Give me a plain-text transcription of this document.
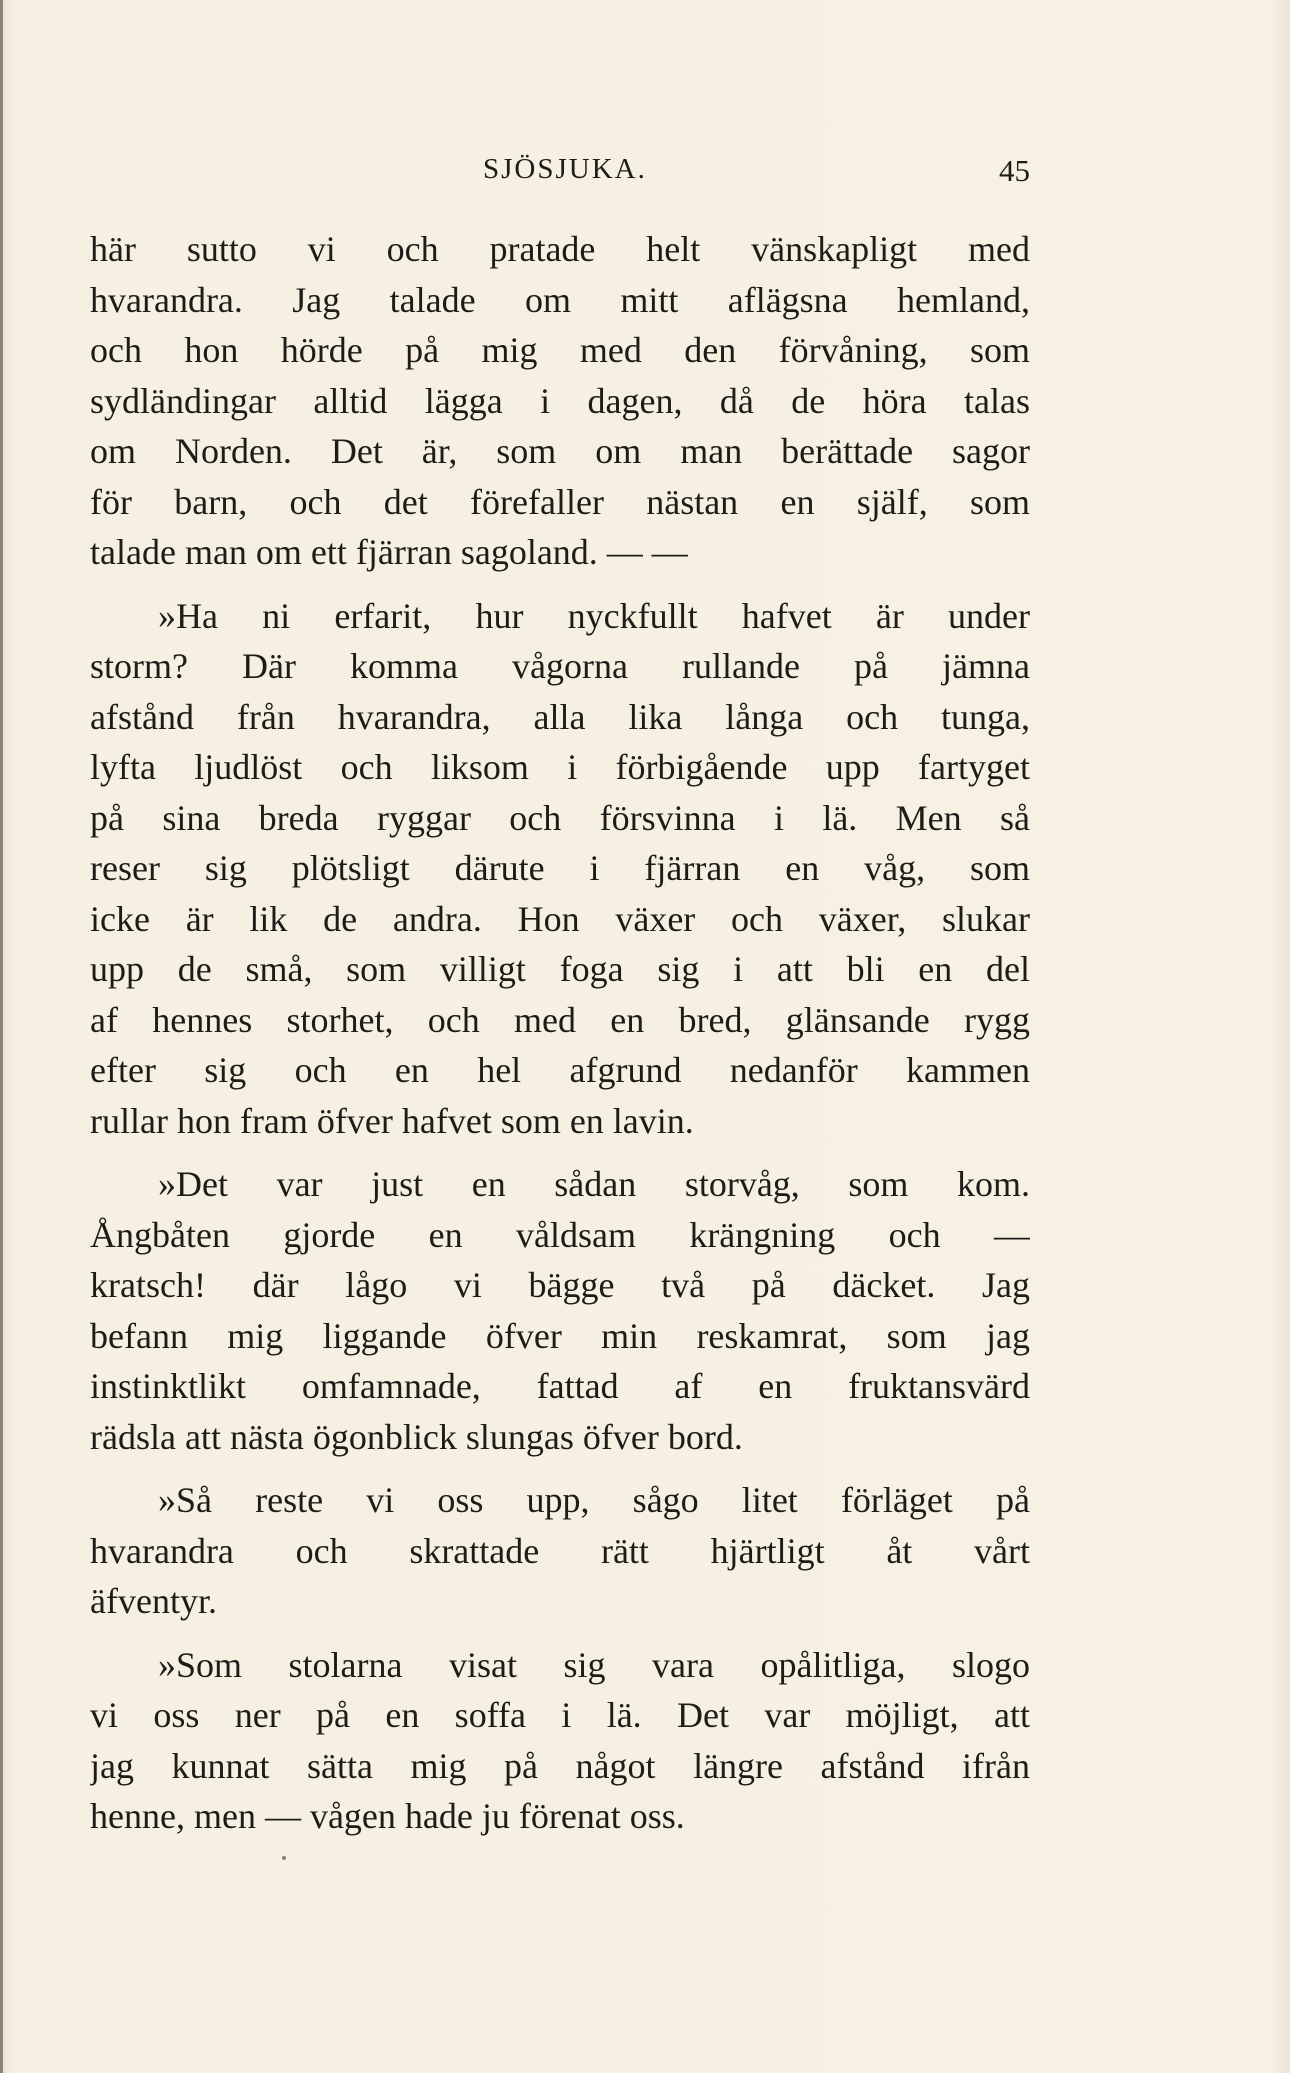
SJÖSJUKA.	45

här sutto vi och pratade helt vänskapligt med
hvarandra. Jag talade om mitt aflägsna hemland,
och hon hörde på mig med den förvåning, som
sydländingar alltid lägga i dagen, då de höra talas
om Norden. Det är, som om man berättade sagor
för barn, och det förefaller nästan en själf, som
talade man om ett fjärran sagoland. — —

»Ha ni erfarit, hur nyckfullt hafvet är under
storm? Där komma vågorna rullande på jämna
afstånd från hvarandra, alla lika långa och tunga,
lyfta ljudlöst och liksom i förbigående upp fartyget
på sina breda ryggar och försvinna i lä. Men så
reser sig plötsligt därute i fjärran en våg, som
icke är lik de andra. Hon växer och växer, slukar
upp de små, som villigt foga sig i att bli en del
af hennes storhet, och med en bred, glänsande rygg
efter sig och en hel afgrund nedanför kammen
rullar hon fram öfver hafvet som en lavin.

»Det var just en sådan storvåg, som kom.
Ångbåten gjorde en våldsam krängning och —
kratsch! där lågo vi bägge två på däcket. Jag
befann mig liggande öfver min reskamrat, som jag
instinktlikt omfamnade, fattad af en fruktansvärd
rädsla att nästa ögonblick slungas öfver bord.

»Så reste vi oss upp, sågo litet förläget på
hvarandra och skrattade rätt hjärtligt åt vårt
äfventyr.

»Som stolarna visat sig vara opålitliga, slogo
vi oss ner på en soffa i lä. Det var möjligt, att
jag kunnat sätta mig på något längre afstånd ifrån
henne, men — vågen hade ju förenat oss.
